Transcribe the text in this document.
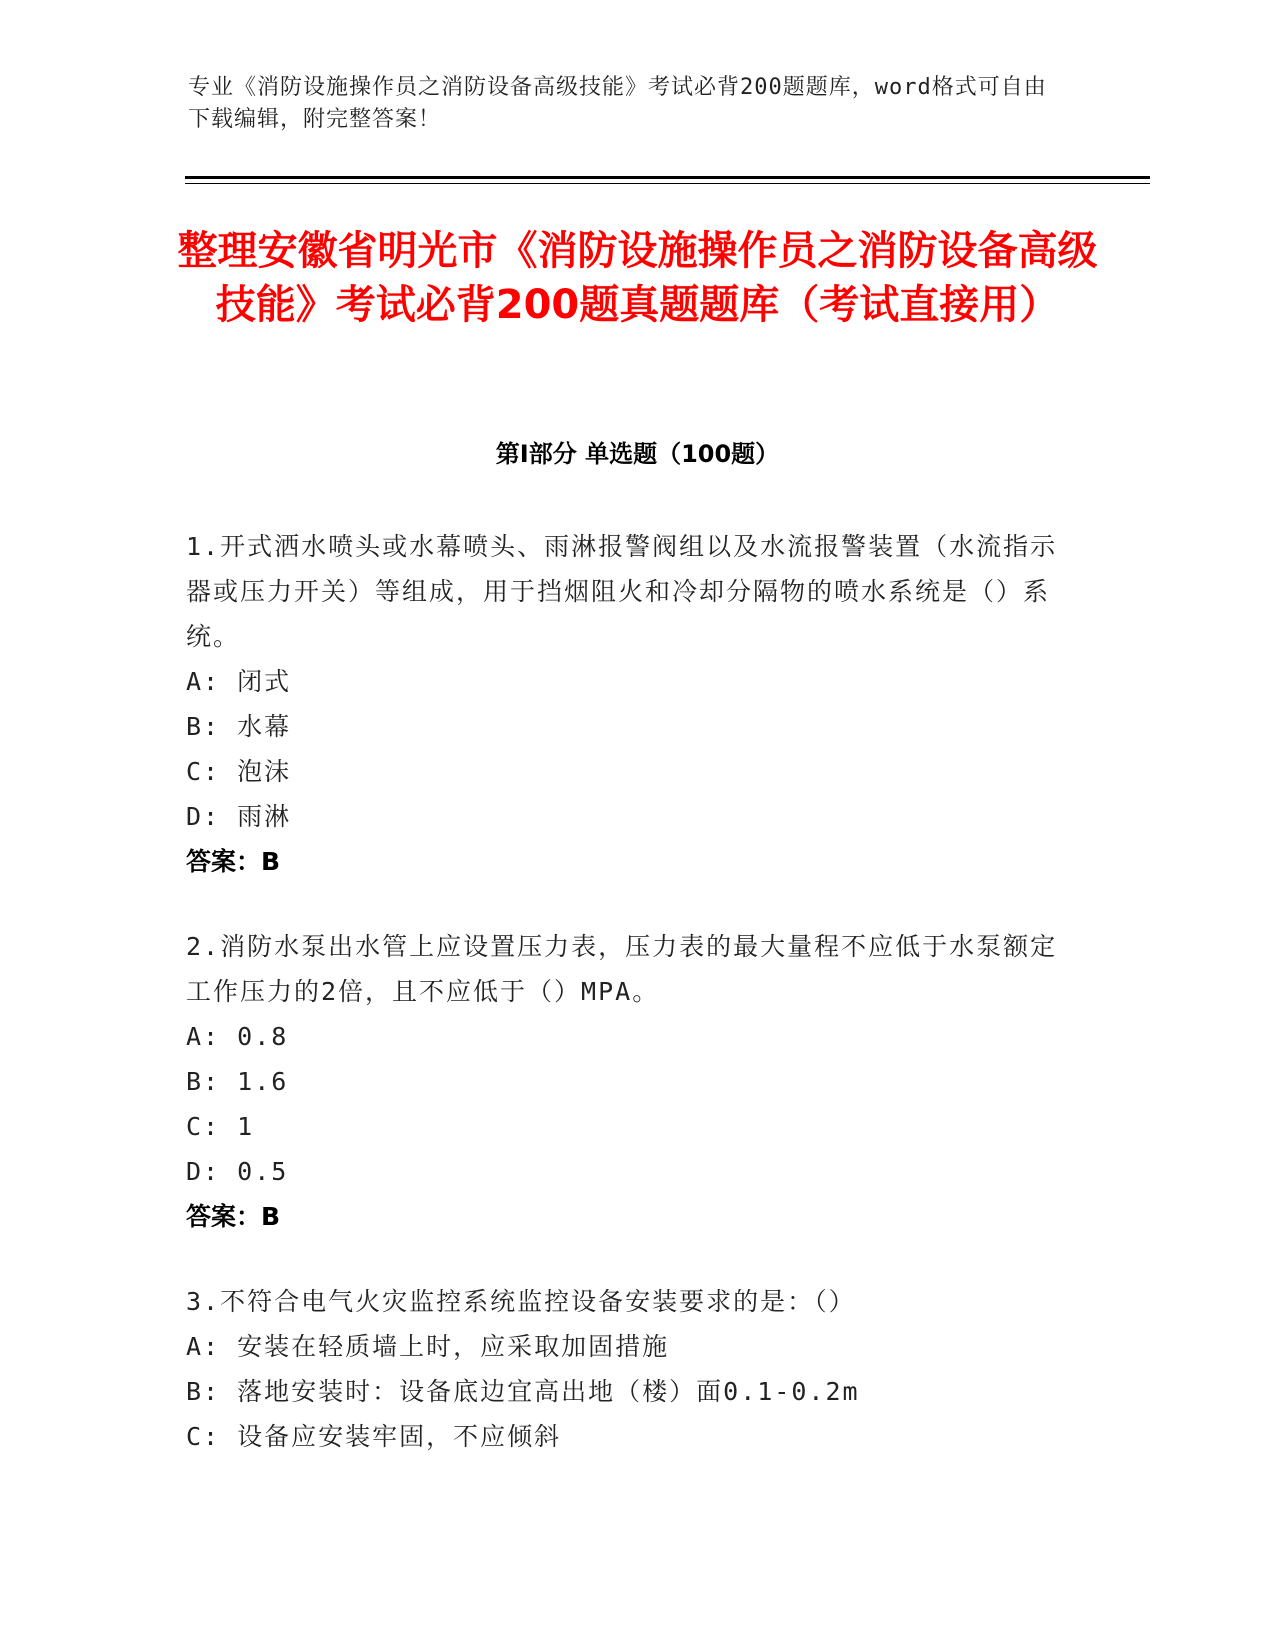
专业《消防设施操作员之消防设备高级技能》考试必背200题题库，word格式可自由下载编辑，附完整答案！
整理安徽省明光市《消防设施操作员之消防设备高级技能》考试必背200题真题题库（考试直接用）
第I部分 单选题（100题）
1.开式洒水喷头或水幕喷头、雨淋报警阀组以及水流报警装置（水流指示器或压力开关）等组成，用于挡烟阻火和冷却分隔物的喷水系统是（）系统。
A: 闭式
B: 水幕
C: 泡沫
D: 雨淋
答案：B
2.消防水泵出水管上应设置压力表，压力表的最大量程不应低于水泵额定工作压力的2倍，且不应低于（）MPA。
A: 0.8
B: 1.6
C: 1
D: 0.5
答案：B
3.不符合电气火灾监控系统监控设备安装要求的是：（）
A: 安装在轻质墙上时，应采取加固措施
B: 落地安装时：设备底边宜高出地（楼）面0.1-0.2m
C: 设备应安装牢固，不应倾斜
